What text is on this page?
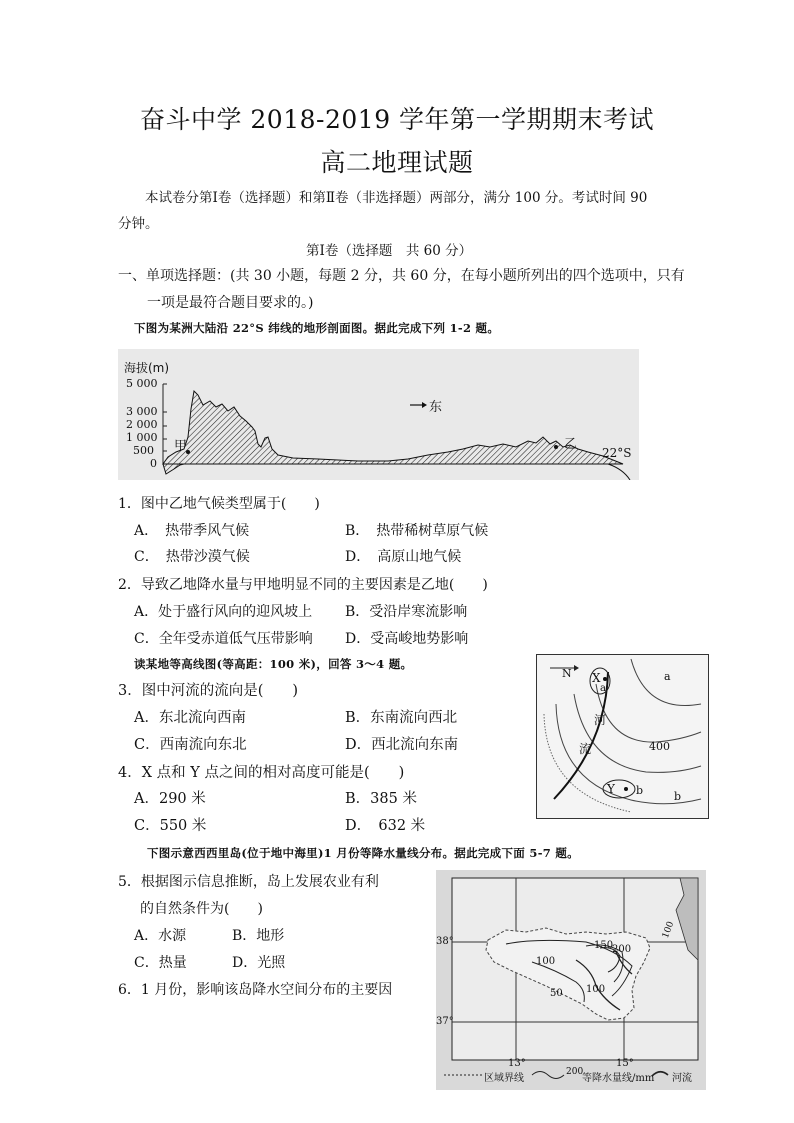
奋斗中学 2018-2019 学年第一学期期末考试
高二地理试题
本试卷分第Ⅰ卷（选择题）和第Ⅱ卷（非选择题）两部分，满分 100 分。考试时间 90
分钟。
第Ⅰ卷（选择题　共 60 分）
一、单项选择题：(共 30 小题，每题 2 分，共 60 分，在每小题所列出的四个选项中，只有
一项是最符合题目要求的。)
下图为某洲大陆沿 22°S 纬线的地形剖面图。据此完成下列 1-2 题。
海拔(m)
5 000
3 000
2 000
1 000
500
0
甲	乙
东
22°S
1．图中乙地气候类型属于(　　)
A．　热带季风气候	B．　热带稀树草原气候
C．　热带沙漠气候	D．　高原山地气候
2．导致乙地降水量与甲地明显不同的主要因素是乙地(　　)
A．处于盛行风向的迎风坡上 B．受沿岸寒流影响
C．全年受赤道低气压带影响 D．受高峻地势影响
读某地等高线图(等高距：100 米)，回答 3～4 题。
3．图中河流的流向是(　　)
A．东北流向西南	B．东南流向西北
C．西南流向东北	D．西北流向东南
4．X 点和 Y 点之间的相对高度可能是(　　)
A．290 米	B．385 米
C．550 米	D．　632 米
N X
a
a
河
流	400
Y b	b
下图示意西西里岛(位于地中海里)1 月份等降水量线分布。据此完成下面 5-7 题。
5．根据图示信息推断，岛上发展农业有利
的自然条件为(　　)
A．水源	B．地形
C．热量	D．光照
6．1 月份，影响该岛降水空间分布的主要因
38°
37°
13°	15°
100
150
200
50 100
100
区域界线
200
等降水量线/mm 河流
